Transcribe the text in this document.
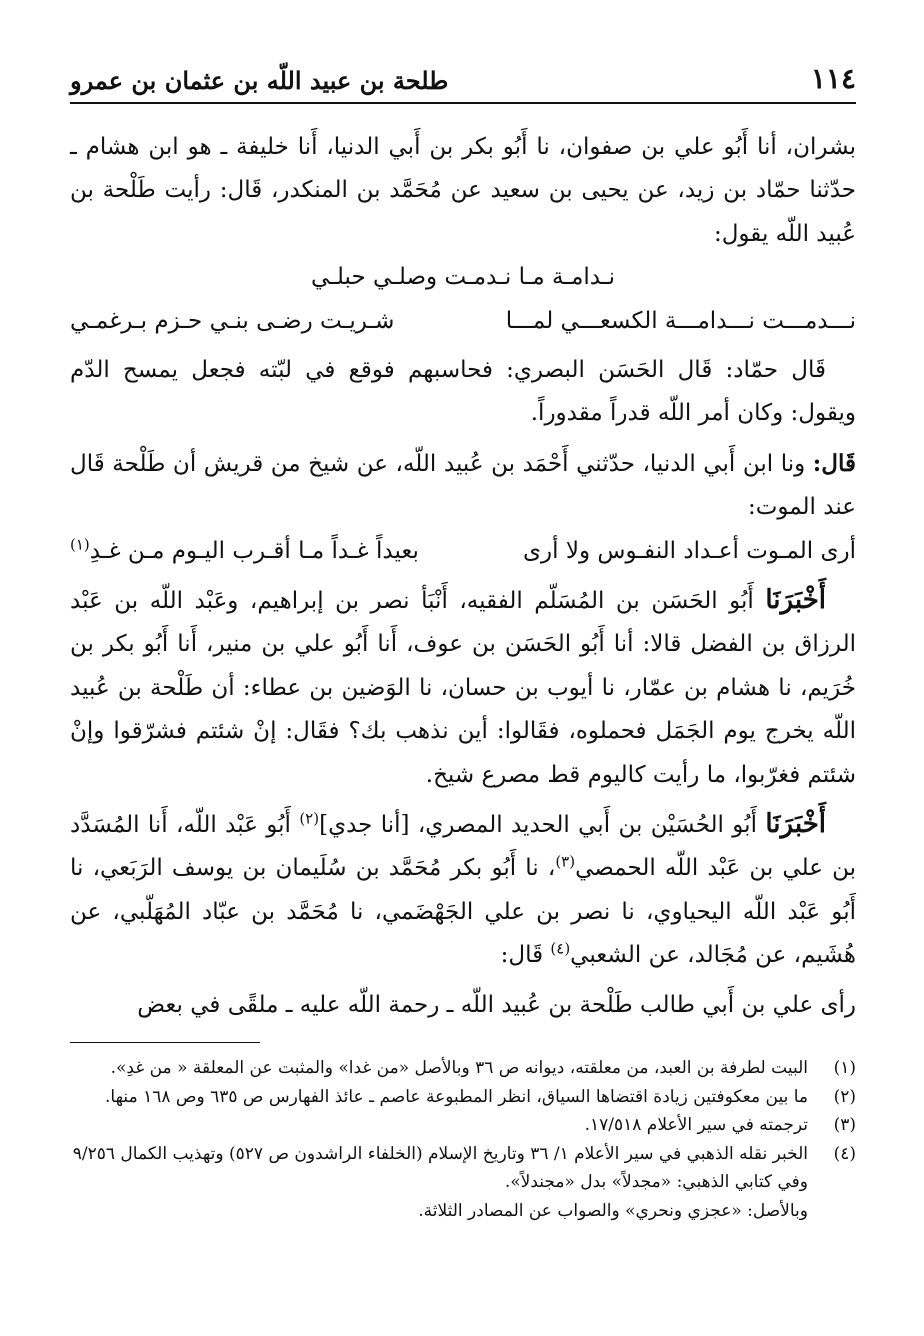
١١٤
طلحة بن عبيد اللّه بن عثمان بن عمرو

بشران، أنا أَبُو علي بن صفوان، نا أَبُو بكر بن أَبي الدنيا، أَنا خليفة ـ هو ابن هشام ـ حدّثنا حمّاد بن زيد، عن يحيى بن سعيد عن مُحَمَّد بن المنكدر، قَال: رأيت طَلْحة بن عُبيد اللّه يقول:

نـدامـة مـا نـدمـت وصلـي حبلـي
نـــدمـــت نـــدامـــة الكسعـــي لمـــا
شـريـت رضـى بنـي حـزم بـرغمـي

قَال حمّاد: قَال الحَسَن البصري: فحاسبهم فوقع في لبّته فجعل يمسح الدّم ويقول: وكان أمر اللّه قدراً مقدوراً.

قَال: ونا ابن أَبي الدنيا، حدّثني أَحْمَد بن عُبيد اللّه، عن شيخ من قريش أن طَلْحة قَال عند الموت:

أرى المـوت أعـداد النفـوس ولا أرى
بعيداً غـداً مـا أقـرب اليـوم مـن غـدِ$^{(١)}$

أَخْبَرَنَا أَبُو الحَسَن بن المُسَلّم الفقيه، أَنْبَأ نصر بن إبراهيم، وعَبْد اللّه بن عَبْد الرزاق بن الفضل قالا: أنا أَبُو الحَسَن بن عوف، أَنا أَبُو علي بن منير، أَنا أَبُو بكر بن خُرَيم، نا هشام بن عمّار، نا أيوب بن حسان، نا الوَضين بن عطاء: أن طَلْحة بن عُبيد اللّه يخرج يوم الجَمَل فحملوه، فقَالوا: أين نذهب بك؟ فقَال: إنْ شئتم فشرّقوا وإنْ شئتم فغرّبوا، ما رأيت كاليوم قط مصرع شيخ.

أَخْبَرَنَا أَبُو الحُسَيْن بن أَبي الحديد المصري، [أنا جدي]$^{(٢)}$ أَبُو عَبْد اللّه، أَنا المُسَدَّد بن علي بن عَبْد اللّه الحمصي$^{(٣)}$، نا أَبُو بكر مُحَمَّد بن سُلَيمان بن يوسف الرَبَعي، نا أَبُو عَبْد اللّه اليحياوي، نا نصر بن علي الجَهْضَمي، نا مُحَمَّد بن عبّاد المُهَلّبي، عن هُشَيم، عن مُجَالد، عن الشعبي$^{(٤)}$ قَال:

رأى علي بن أَبي طالب طَلْحة بن عُبيد اللّه ـ رحمة اللّه عليه ـ ملقًى في بعض

(١)
البيت لطرفة بن العبد، من معلقته، ديوانه ص ٣٦ وبالأصل «من غدا» والمثبت عن المعلقة « من غدِ».
(٢)
ما بين معكوفتين زيادة اقتضاها السياق، انظر المطبوعة عاصم ـ عائذ الفهارس ص ٦٣٥ وص ١٦٨ منها.
(٣)
ترجمته في سير الأعلام ١٧/٥١٨.
(٤)
الخبر نقله الذهبي في سير الأعلام ١/ ٣٦ وتاريخ الإسلام (الخلفاء الراشدون ص ٥٢٧) وتهذيب الكمال ٩/٢٥٦ وفي كتابي الذهبي: «مجدلاً» بدل «مجندلاً».
وبالأصل: «عجزي ونحري» والصواب عن المصادر الثلاثة.
